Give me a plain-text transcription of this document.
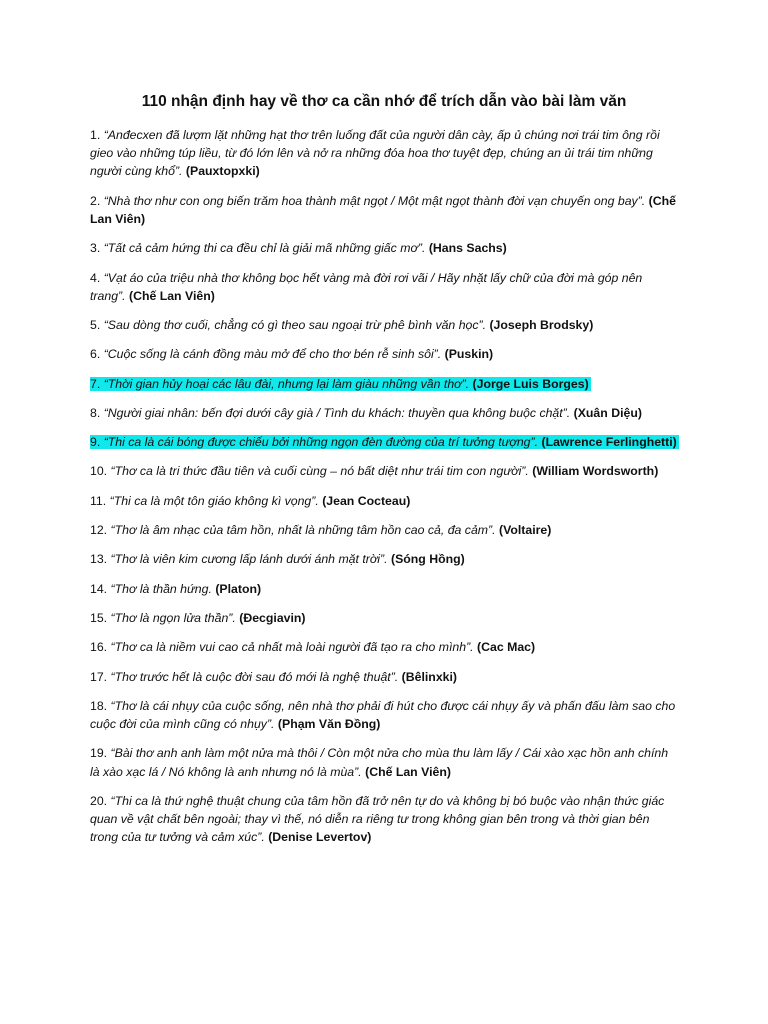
110 nhận định hay về thơ ca cần nhớ để trích dẫn vào bài làm văn
1. “Anđecxen đã lượm lặt những hạt thơ trên luống đất của người dân cày, ấp ủ chúng nơi trái tim ông rồi gieo vào những túp liều, từ đó lớn lên và nở ra những đóa hoa thơ tuyệt đẹp, chúng an ủi trái tim những người cùng khổ”. (Pauxtopxki)
2. “Nhà thơ như con ong biến trăm hoa thành mật ngọt / Một mật ngọt thành đời vạn chuyến ong bay”. (Chế Lan Viên)
3. “Tất cả cảm hứng thi ca đều chỉ là giải mã những giấc mơ”. (Hans Sachs)
4. “Vạt áo của triệu nhà thơ không bọc hết vàng mà đời rơi vãi / Hãy nhặt lấy chữ của đời mà góp nên trang”. (Chế Lan Viên)
5. “Sau dòng thơ cuối, chẳng có gì theo sau ngoại trừ phê bình văn học”. (Joseph Brodsky)
6. “Cuộc sống là cánh đồng màu mở để cho thơ bén rễ sinh sôi”. (Puskin)
7. “Thời gian hủy hoại các lâu đài, nhưng lại làm giàu những vần thơ”. (Jorge Luis Borges)
8. “Người giai nhân: bến đợi dưới cây già / Tình du khách: thuyền qua không buộc chặt”. (Xuân Diệu)
9. “Thi ca là cái bóng được chiếu bởi những ngọn đèn đường của trí tưởng tượng”. (Lawrence Ferlinghetti)
10. “Thơ ca là tri thức đầu tiên và cuối cùng – nó bất diệt như trái tim con người”. (William Wordsworth)
11. “Thi ca là một tôn giáo không kì vọng”. (Jean Cocteau)
12. “Thơ là âm nhạc của tâm hồn, nhất là những tâm hồn cao cả, đa cảm”. (Voltaire)
13. “Thơ là viên kim cương lấp lánh dưới ánh mặt trời”. (Sóng Hồng)
14. “Thơ là thần hứng. (Platon)
15. “Thơ là ngọn lửa thần”. (Đecgiavin)
16. “Thơ ca là niềm vui cao cả nhất mà loài người đã tạo ra cho mình”. (Cac Mac)
17. “Thơ trước hết là cuộc đời sau đó mới là nghệ thuật”. (Bêlinxki)
18. “Thơ là cái nhụy của cuộc sống, nên nhà thơ phải đi hút cho được cái nhụy ấy và phấn đấu làm sao cho cuộc đời của mình cũng có nhụy”. (Phạm Văn Đồng)
19. “Bài thơ anh anh làm một nửa mà thôi / Còn một nửa cho mùa thu làm lấy / Cái xào xạc hồn anh chính là xào xạc lá / Nó không là anh nhưng nó là mùa”. (Chế Lan Viên)
20. “Thi ca là thứ nghệ thuật chung của tâm hồn đã trở nên tự do và không bị bó buộc vào nhận thức giác quan về vật chất bên ngoài; thay vì thế, nó diễn ra riêng tư trong không gian bên trong và thời gian bên trong của tư tưởng và cảm xúc”. (Denise Levertov)
